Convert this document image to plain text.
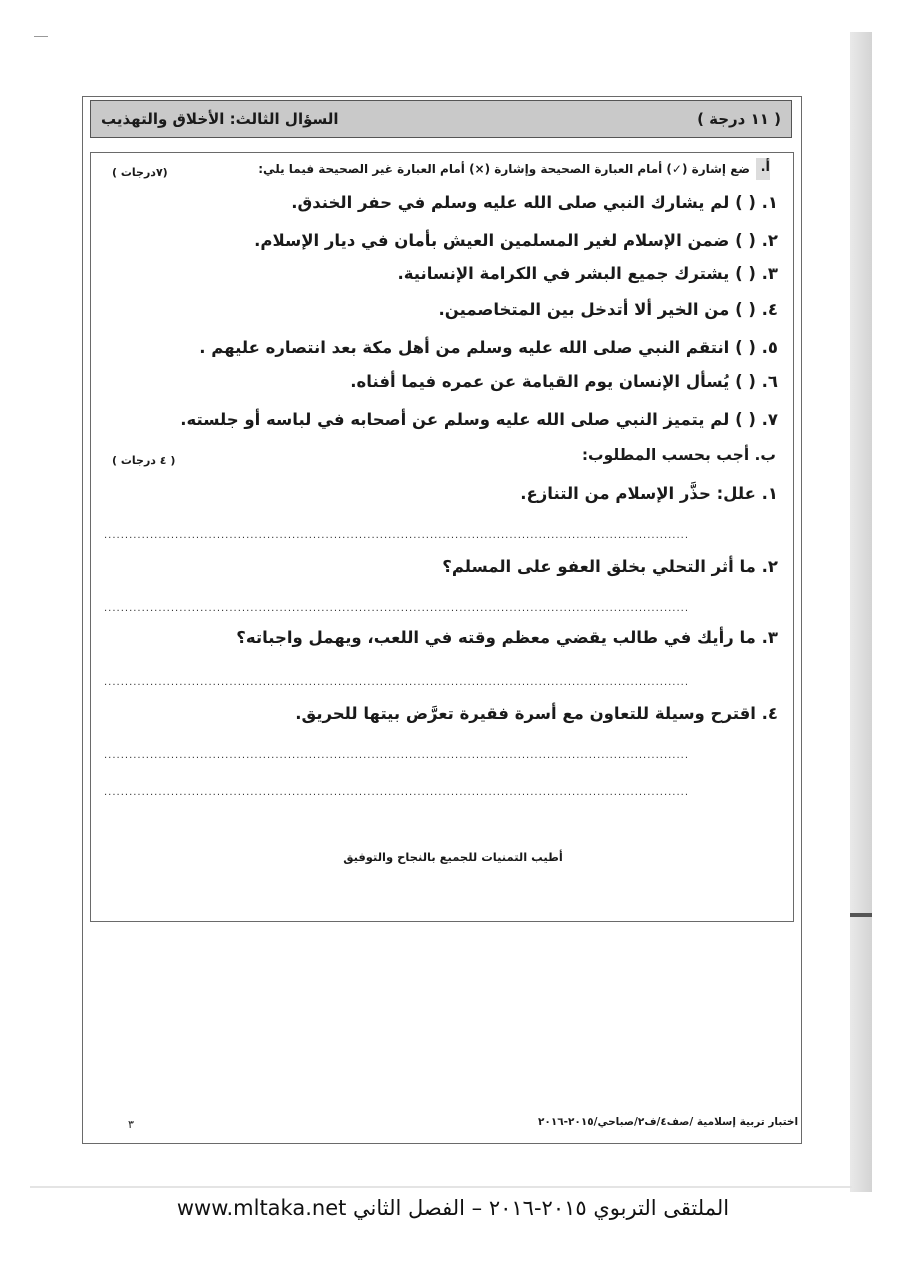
السؤال الثالث: الأخلاق والتهذيب	( ١١ درجة )
أ.
ضع إشارة (✓) أمام العبارة الصحيحة وإشارة (×) أمام العبارة غير الصحيحة فيما يلي:
(٧درجات )
١. ( ) لم يشارك النبي صلى الله عليه وسلم في حفر الخندق.
٢. ( ) ضمن الإسلام لغير المسلمين العيش بأمان في ديار الإسلام.
٣. ( ) يشترك جميع البشر في الكرامة الإنسانية.
٤. ( ) من الخير ألا أتدخل بين المتخاصمين.
٥. ( ) انتقم النبي صلى الله عليه وسلم من أهل مكة بعد انتصاره عليهم .
٦. ( ) يُسأل الإنسان يوم القيامة عن عمره فيما أفناه.
٧. ( ) لم يتميز النبي صلى الله عليه وسلم عن أصحابه في لباسه أو جلسته.
ب. أجب بحسب المطلوب:
( ٤ درجات )
١. علل: حذَّر الإسلام من التنازع.
............................................................................................................................................
٢. ما أثر التحلي بخلق العفو على المسلم؟
............................................................................................................................................
٣. ما رأيك في طالب يقضي معظم وقته في اللعب، ويهمل واجباته؟
............................................................................................................................................
٤. اقترح وسيلة للتعاون مع أسرة فقيرة تعرَّض بيتها للحريق.
............................................................................................................................................
............................................................................................................................................
أطيب التمنيات للجميع بالنجاح والتوفيق
اختبار تربية إسلامية /صف٤/ف٢/صباحي/٢٠١٥-٢٠١٦
٣
الملتقى التربوي ٢٠١٥-٢٠١٦ – الفصل الثاني www.mltaka.net
